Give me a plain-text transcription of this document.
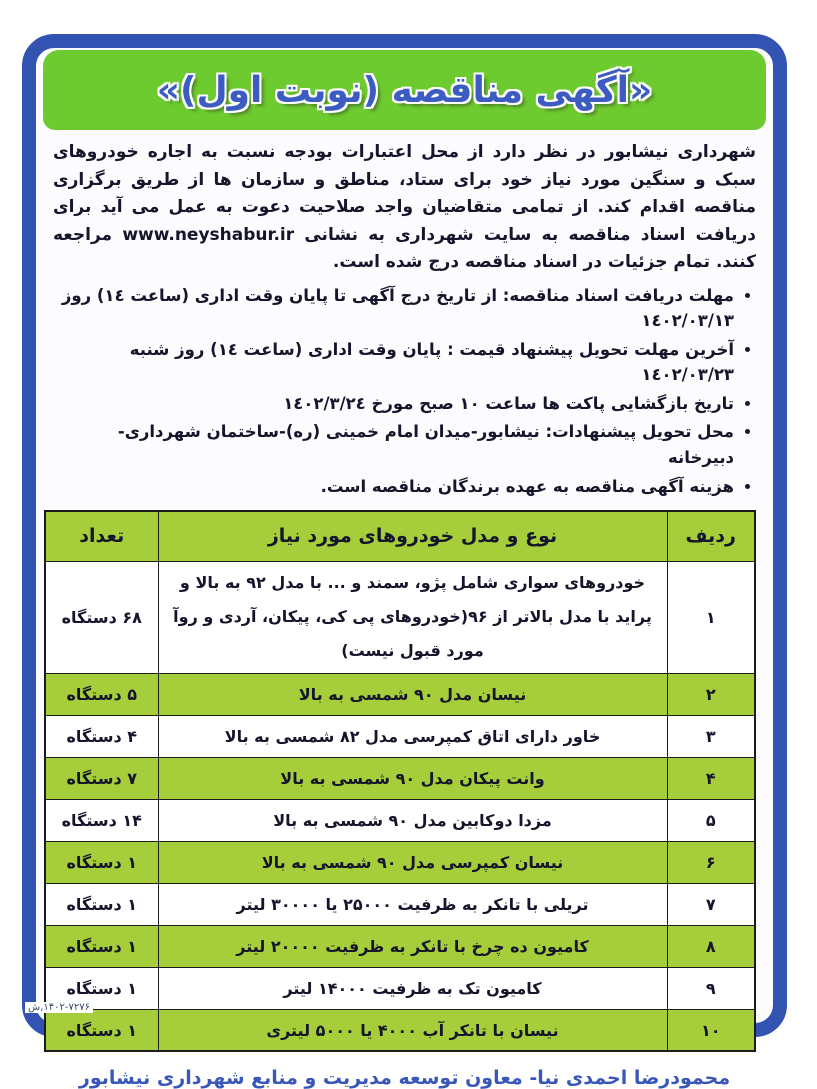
«آگهی مناقصه (نوبت اول)»

شهرداری نیشابور در نظر دارد از محل اعتبارات بودجه نسبت به اجاره خودروهای سبک و سنگین مورد نیاز خود برای ستاد، مناطق و سازمان ها از طریق برگزاری مناقصه اقدام کند. از تمامی متقاضیان واجد صلاحیت دعوت به عمل می آید برای دریافت اسناد مناقصه به سایت شهرداری به نشانی www.neyshabur.ir مراجعه کنند. تمام جزئیات در اسناد مناقصه درج شده است.

مهلت دریافت اسناد مناقصه: از تاریخ درج آگهی تا پایان وقت اداری (ساعت ١٤) روز ١٤٠٢/٠٣/١٣
آخرین مهلت تحویل پیشنهاد قیمت : پایان وقت اداری (ساعت ١٤) روز شنبه ١٤٠٢/٠٣/٢٣
تاریخ بازگشایی پاکت ها ساعت ١٠ صبح مورخ ١٤٠٢/٣/٢٤
محل تحویل پیشنهادات: نیشابور-میدان امام خمینی (ره)-ساختمان شهرداری-دبیرخانه
هزینه آگهی مناقصه به عهده برندگان مناقصه است.
ردیف	نوع و مدل خودروهای مورد نیاز	تعداد
۱	خودروهای سواری شامل پژو، سمند و ... با مدل ۹۲ به بالا و پراید با مدل بالاتر از ۹۶(خودروهای پی کی، پیکان، آردی و روآ مورد قبول نیست)	۶۸ دستگاه
۲	نیسان مدل ۹۰ شمسی به بالا	۵ دستگاه
۳	خاور دارای اتاق کمپرسی مدل ۸۲ شمسی به بالا	۴ دستگاه
۴	وانت پیکان مدل ۹۰ شمسی به بالا	۷ دستگاه
۵	مزدا دوکابین مدل ۹۰ شمسی به بالا	۱۴ دستگاه
۶	نیسان کمپرسی مدل ۹۰ شمسی به بالا	۱ دستگاه
۷	تریلی با تانکر به ظرفیت ۲۵۰۰۰ یا ۳۰۰۰۰ لیتر	۱ دستگاه
۸	کامیون ده چرخ با تانکر به ظرفیت ۲۰۰۰۰ لیتر	۱ دستگاه
۹	کامیون تک به ظرفیت ۱۴۰۰۰ لیتر	۱ دستگاه
۱۰	نیسان با تانکر آب ۴۰۰۰ یا ۵۰۰۰ لیتری	۱ دستگاه
محمودرضا احمدی نیا- معاون توسعه مدیریت و منابع شهرداری نیشابور
ش,۱۴۰۲-۷۲۷۶
